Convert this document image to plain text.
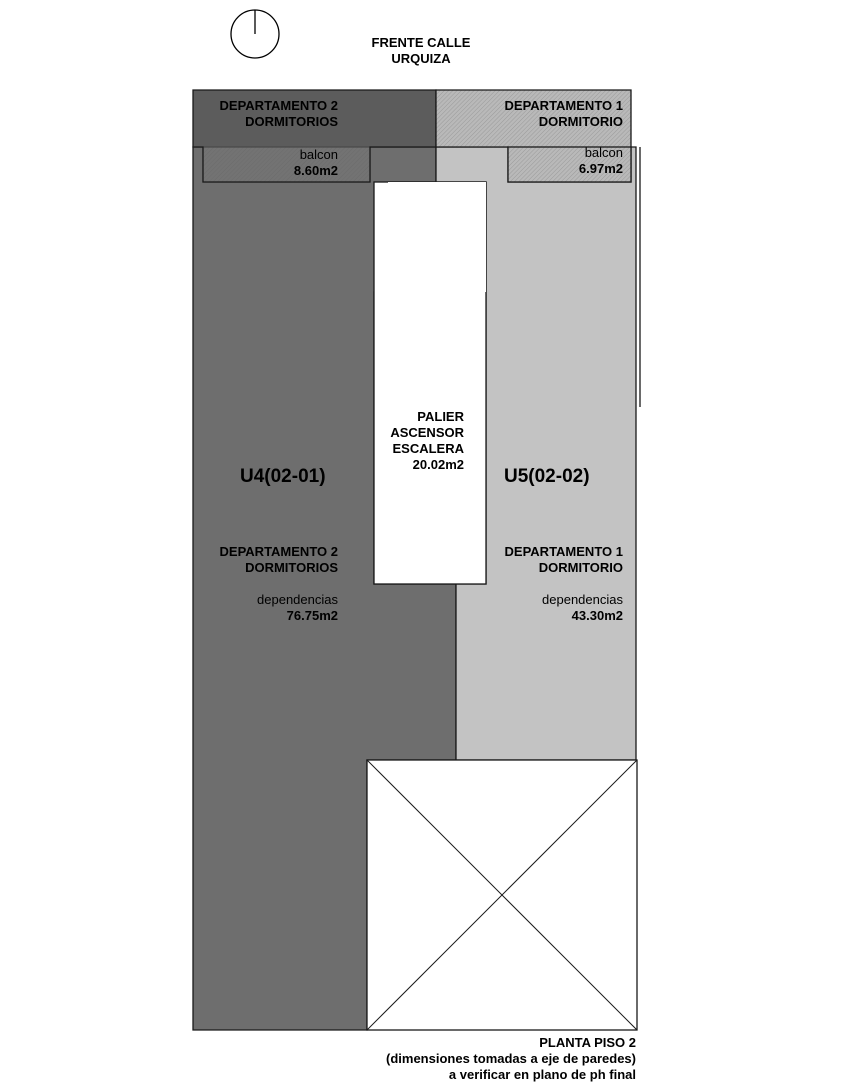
FRENTE CALLE
URQUIZA
DEPARTAMENTO 2
DORMITORIOS
balcon
8.60m2
DEPARTAMENTO 1
DORMITORIO
balcon
6.97m2
PALIER
ASCENSOR
ESCALERA
20.02m2
U4(02-01)
DEPARTAMENTO 2
DORMITORIOS
dependencias
76.75m2
U5(02-02)
DEPARTAMENTO 1
DORMITORIO
dependencias
43.30m2
PLANTA PISO 2
(dimensiones tomadas a eje de paredes)
a verificar en plano de ph final
